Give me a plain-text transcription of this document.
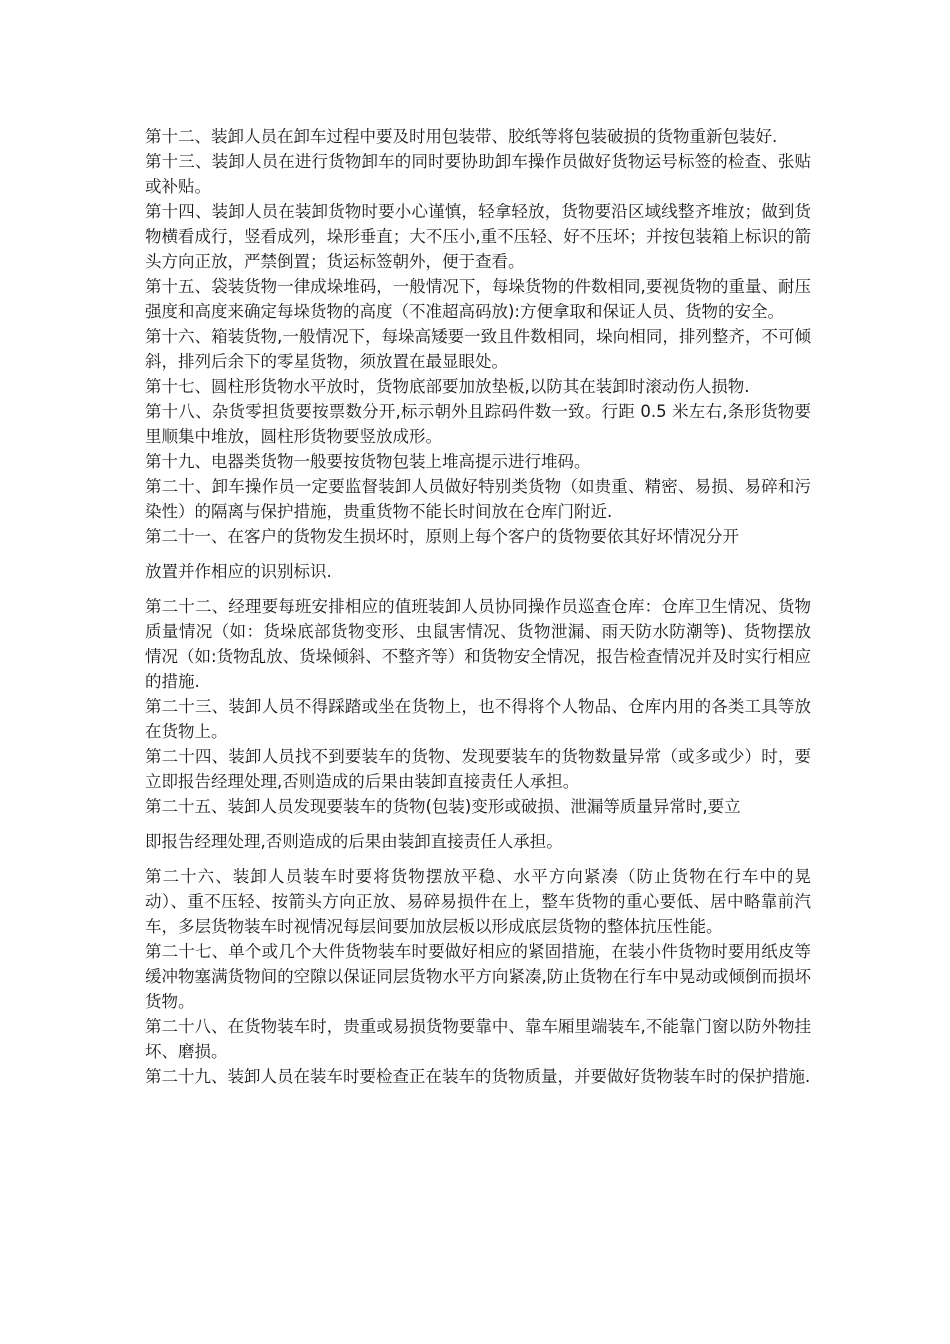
第十二、装卸人员在卸车过程中要及时用包装带、胶纸等将包装破损的货物重新包装好.

第十三、装卸人员在进行货物卸车的同时要协助卸车操作员做好货物运号标签的检查、张贴或补贴。

第十四、装卸人员在装卸货物时要小心谨慎，轻拿轻放，货物要沿区域线整齐堆放；做到货物横看成行，竖看成列，垛形垂直；大不压小,重不压轻、好不压坏；并按包装箱上标识的箭头方向正放，严禁倒置；货运标签朝外，便于查看。

第十五、袋装货物一律成垛堆码，一般情况下，每垛货物的件数相同,要视货物的重量、耐压强度和高度来确定每垛货物的高度（不准超高码放):方便拿取和保证人员、货物的安全。

第十六、箱装货物,一般情况下，每垛高矮要一致且件数相同，垛向相同，排列整齐，不可倾斜，排列后余下的零星货物，须放置在最显眼处。

第十七、圆柱形货物水平放时，货物底部要加放垫板,以防其在装卸时滚动伤人损物.

第十八、杂货零担货要按票数分开,标示朝外且踪码件数一致。行距 0.5 米左右,条形货物要里顺集中堆放，圆柱形货物要竖放成形。

第十九、电器类货物一般要按货物包装上堆高提示进行堆码。

第二十、卸车操作员一定要监督装卸人员做好特别类货物（如贵重、精密、易损、易碎和污染性）的隔离与保护措施，贵重货物不能长时间放在仓库门附近.

第二十一、在客户的货物发生损坏时，原则上每个客户的货物要依其好坏情况分开

放置并作相应的识别标识.

第二十二、经理要每班安排相应的值班装卸人员协同操作员巡查仓库：仓库卫生情况、货物质量情况（如：货垛底部货物变形、虫鼠害情况、货物泄漏、雨天防水防潮等)、货物摆放情况（如:货物乱放、货垛倾斜、不整齐等）和货物安全情况，报告检查情况并及时实行相应的措施.

第二十三、装卸人员不得踩踏或坐在货物上，也不得将个人物品、仓库内用的各类工具等放在货物上。

第二十四、装卸人员找不到要装车的货物、发现要装车的货物数量异常（或多或少）时，要立即报告经理处理,否则造成的后果由装卸直接责任人承担。

第二十五、装卸人员发现要装车的货物(包装)变形或破损、泄漏等质量异常时,要立

即报告经理处理,否则造成的后果由装卸直接责任人承担。

第二十六、装卸人员装车时要将货物摆放平稳、水平方向紧凑（防止货物在行车中的晃动）、重不压轻、按箭头方向正放、易碎易损件在上，整车货物的重心要低、居中略靠前汽车，多层货物装车时视情况每层间要加放层板以形成底层货物的整体抗压性能。

第二十七、单个或几个大件货物装车时要做好相应的紧固措施，在装小件货物时要用纸皮等缓冲物塞满货物间的空隙以保证同层货物水平方向紧凑,防止货物在行车中晃动或倾倒而损坏货物。

第二十八、在货物装车时，贵重或易损货物要靠中、靠车厢里端装车,不能靠门窗以防外物挂坏、磨损。

第二十九、装卸人员在装车时要检查正在装车的货物质量，并要做好货物装车时的保护措施.
